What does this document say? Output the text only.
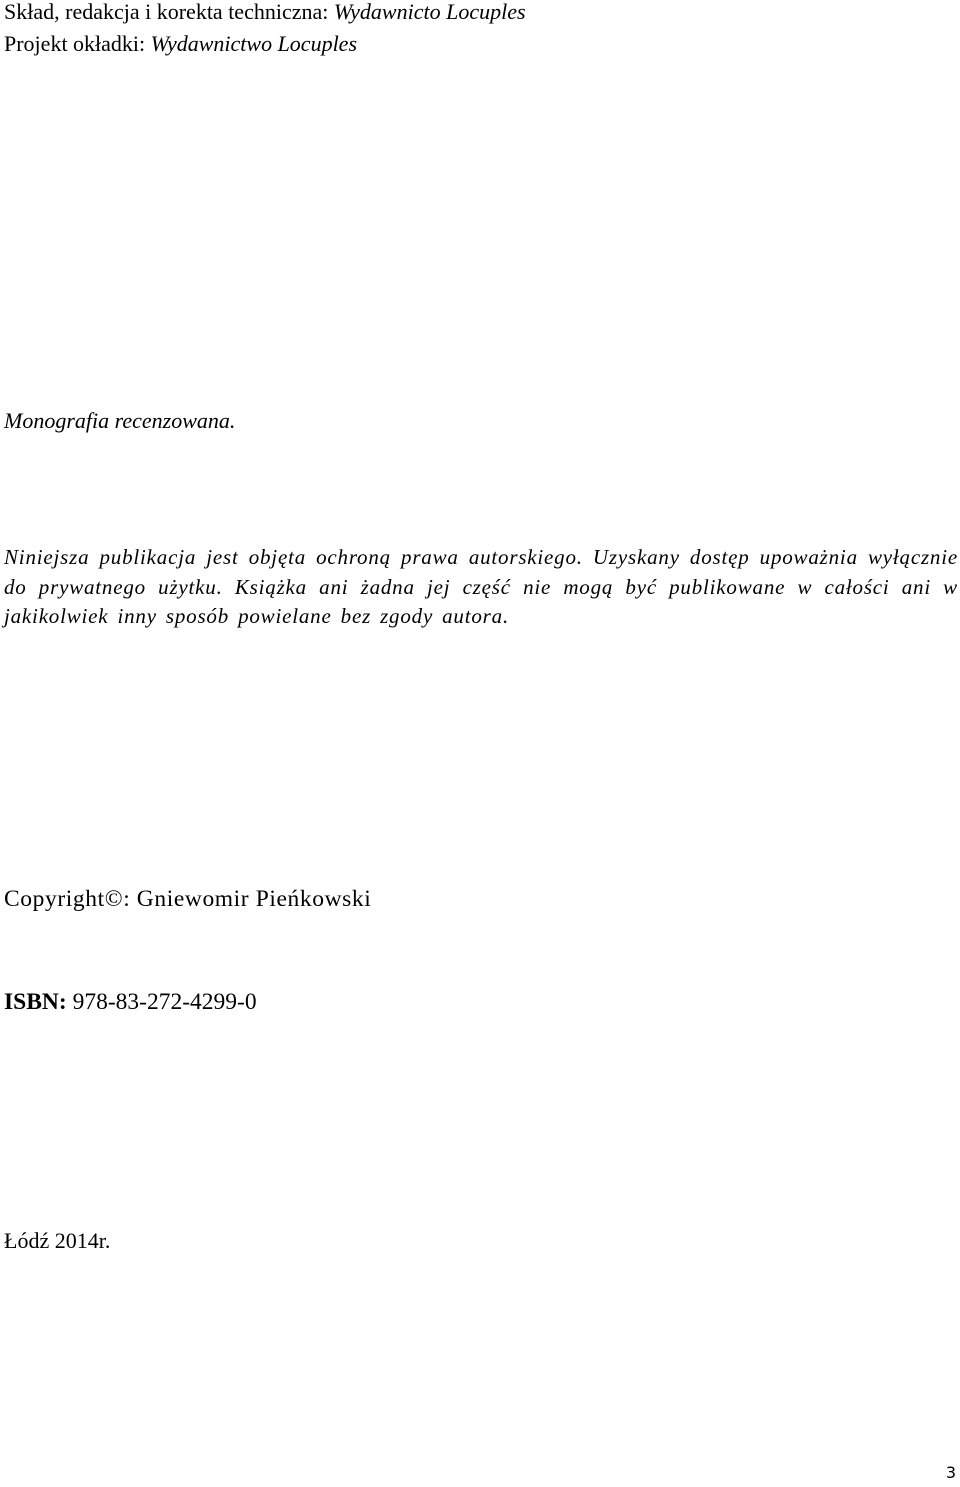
Skład, redakcja i korekta techniczna: Wydawnicto Locuples
Projekt okładki: Wydawnictwo Locuples
Monografia recenzowana.

Niniejsza publikacja jest objęta ochroną prawa autorskiego. Uzyskany dostęp upoważnia wyłącznie do prywatnego użytku. Książka ani żadna jej część nie mogą być publikowane w całości ani w jakikolwiek inny sposób powielane bez zgody autora.

Copyright©: Gniewomir Pieńkowski
ISBN: 978-83-272-4299-0
Łódź 2014r.
3
